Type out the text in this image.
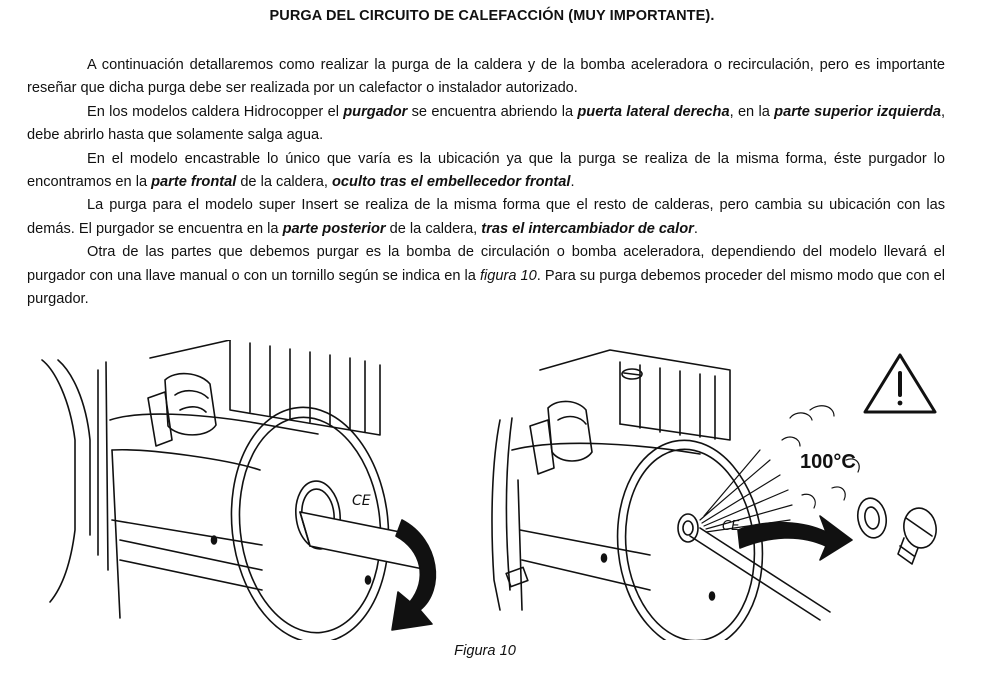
PURGA DEL CIRCUITO DE CALEFACCIÓN (MUY IMPORTANTE).

A continuación detallaremos como realizar la purga de la caldera y de la bomba aceleradora o recirculación, pero es importante reseñar que dicha purga debe ser realizada por un calefactor o instalador autorizado.

En los modelos caldera Hidrocopper el purgador se encuentra abriendo la puerta lateral derecha, en la parte superior izquierda, debe abrirlo hasta que solamente salga agua.

En el modelo encastrable lo único que varía es la ubicación ya que la purga se realiza de la misma forma, éste purgador lo encontramos en la parte frontal de la caldera, oculto tras el embellecedor frontal.

La purga para el modelo super Insert se realiza de la misma forma que el resto de calderas, pero cambia su ubicación con las demás. El purgador se encuentra en la parte posterior de la caldera, tras el intercambiador de calor.

Otra de las partes que debemos purgar es la bomba de circulación o bomba aceleradora, dependiendo del modelo llevará el purgador con una llave manual o con un tornillo según se indica en la figura 10. Para su purga debemos proceder del mismo modo que con el purgador.

CE
CE
100°C
Figura 10
